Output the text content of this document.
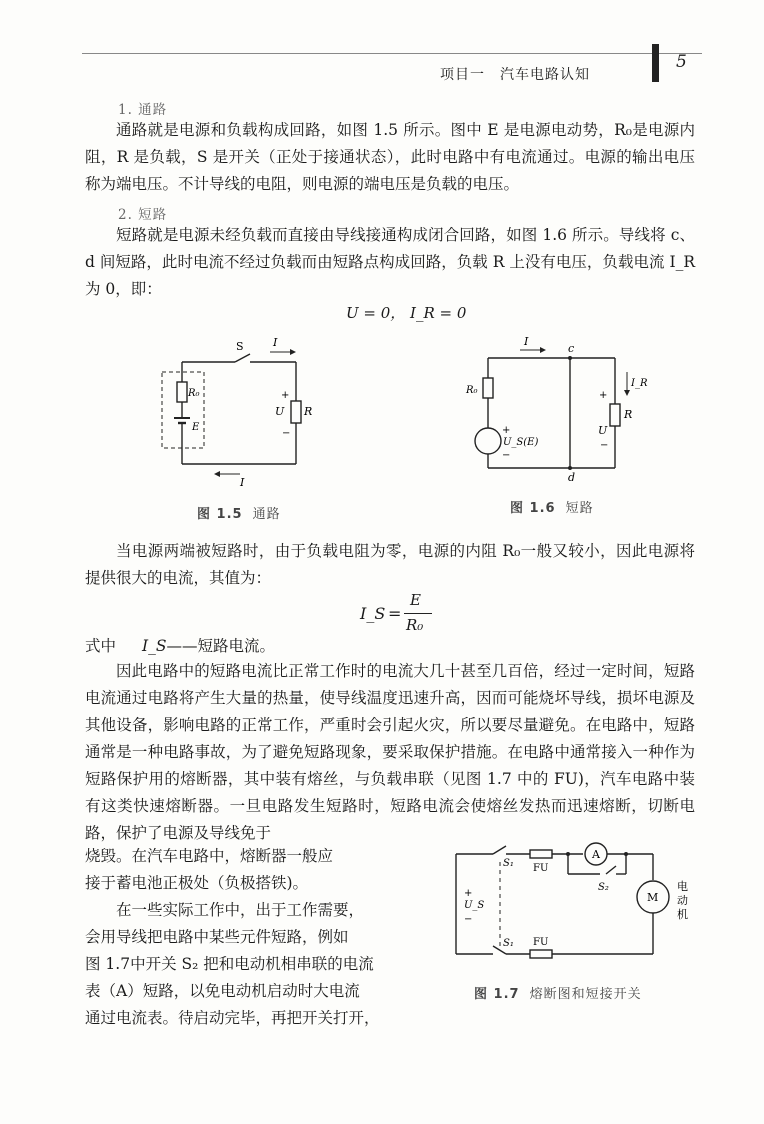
项目一　汽车电路认知
5
1. 通路
通路就是电源和负载构成回路，如图 1.5 所示。图中 E 是电源电动势，R₀是电源内阻，R 是负载，S 是开关（正处于接通状态），此时电路中有电流通过。电源的输出电压称为端电压。不计导线的电阻，则电源的端电压是负载的电压。
2. 短路
短路就是电源未经负载而直接由导线接通构成闭合回路，如图 1.6 所示。导线将 c、d 间短路，此时电流不经过负载而由短路点构成回路，负载 R 上没有电压，负载电流 I_R为 0，即：
U = 0， I_R = 0
S	I
I
R₀
E
+
U R
−
图 1.5 通路
I
c
d
R₀
+
U_S(E)
−
I_R
R
+
U
−
图 1.6 短路
当电源两端被短路时，由于负载电阻为零，电源的内阻 R₀一般又较小，因此电源将提供很大的电流，其值为：
I_S =
E
R₀
式中 I_S——短路电流。
因此电路中的短路电流比正常工作时的电流大几十甚至几百倍，经过一定时间，短路电流通过电路将产生大量的热量，使导线温度迅速升高，因而可能烧坏导线，损坏电源及其他设备，影响电路的正常工作，严重时会引起火灾，所以要尽量避免。在电路中，短路通常是一种电路事故，为了避免短路现象，要采取保护措施。在电路中通常接入一种作为短路保护用的熔断器，其中装有熔丝，与负载串联（见图 1.7 中的 FU)，汽车电路中装有这类快速熔断器。一旦电路发生短路时，短路电流会使熔丝发热而迅速熔断，切断电路，保护了电源及导线免于
烧毁。在汽车电路中，熔断器一般应
接于蓄电池正极处（负极搭铁)。
在一些实际工作中，出于工作需要，
会用导线把电路中某些元件短路，例如
图 1.7中开关 S₂ 把和电动机相串联的电流
表（A）短路，以免电动机启动时大电流
通过电流表。待启动完毕，再把开关打开，
S₁ FU
A
S₂
+
U_S
−
M
电
动
机
S₁ FU
图 1.7 熔断图和短接开关
